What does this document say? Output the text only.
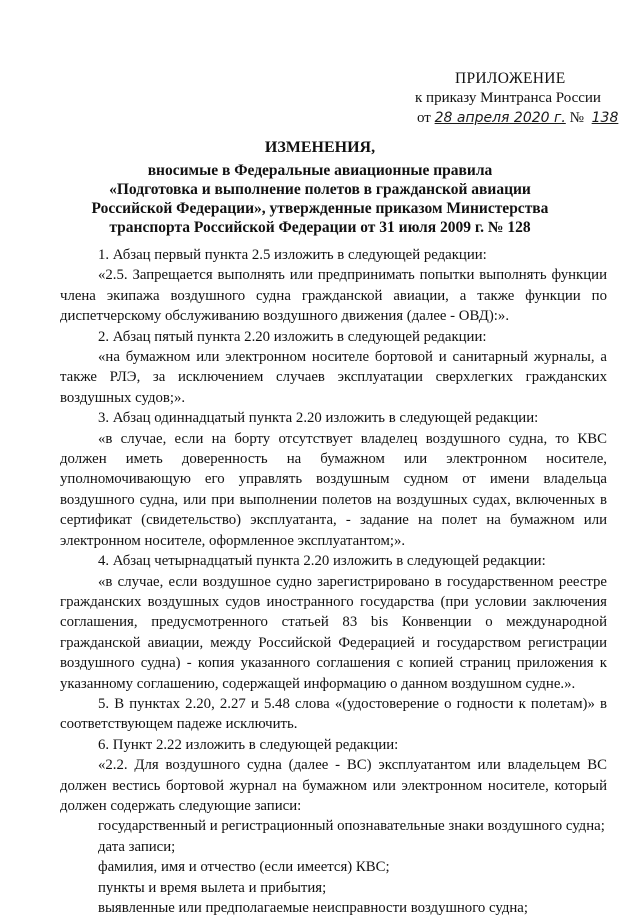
ПРИЛОЖЕНИЕ
к приказу Минтранса России
от 28 апреля 2020 г. № 138
ИЗМЕНЕНИЯ,
вносимые в Федеральные авиационные правила
«Подготовка и выполнение полетов в гражданской авиации
Российской Федерации», утвержденные приказом Министерства
транспорта Российской Федерации от 31 июля 2009 г. № 128

1. Абзац первый пункта 2.5 изложить в следующей редакции:

«2.5. Запрещается выполнять или предпринимать попытки выполнять функции члена экипажа воздушного судна гражданской авиации, а также функции по диспетчерскому обслуживанию воздушного движения (далее - ОВД):».

2. Абзац пятый пункта 2.20 изложить в следующей редакции:

«на бумажном или электронном носителе бортовой и санитарный журналы, а также РЛЭ, за исключением случаев эксплуатации сверхлегких гражданских воздушных судов;».

3. Абзац одиннадцатый пункта 2.20 изложить в следующей редакции:

«в случае, если на борту отсутствует владелец воздушного судна, то КВС должен иметь доверенность на бумажном или электронном носителе, уполномочивающую его управлять воздушным судном от имени владельца воздушного судна, или при выполнении полетов на воздушных судах, включенных в сертификат (свидетельство) эксплуатанта, - задание на полет на бумажном или электронном носителе, оформленное эксплуатантом;».

4. Абзац четырнадцатый пункта 2.20 изложить в следующей редакции:

«в случае, если воздушное судно зарегистрировано в государственном реестре гражданских воздушных судов иностранного государства (при условии заключения соглашения, предусмотренного статьей 83 bis Конвенции о международной гражданской авиации, между Российской Федерацией и государством регистрации воздушного судна) - копия указанного соглашения с копией страниц приложения к указанному соглашению, содержащей информацию о данном воздушном судне.».

5. В пунктах 2.20, 2.27 и 5.48 слова «(удостоверение о годности к полетам)» в соответствующем падеже исключить.

6. Пункт 2.22 изложить в следующей редакции:

«2.2. Для воздушного судна (далее - ВС) эксплуатантом или владельцем ВС должен вестись бортовой журнал на бумажном или электронном носителе, который должен содержать следующие записи:

государственный и регистрационный опознавательные знаки воздушного судна;

дата записи;

фамилия, имя и отчество (если имеется) КВС;

пункты и время вылета и прибытия;

выявленные или предполагаемые неисправности воздушного судна;
